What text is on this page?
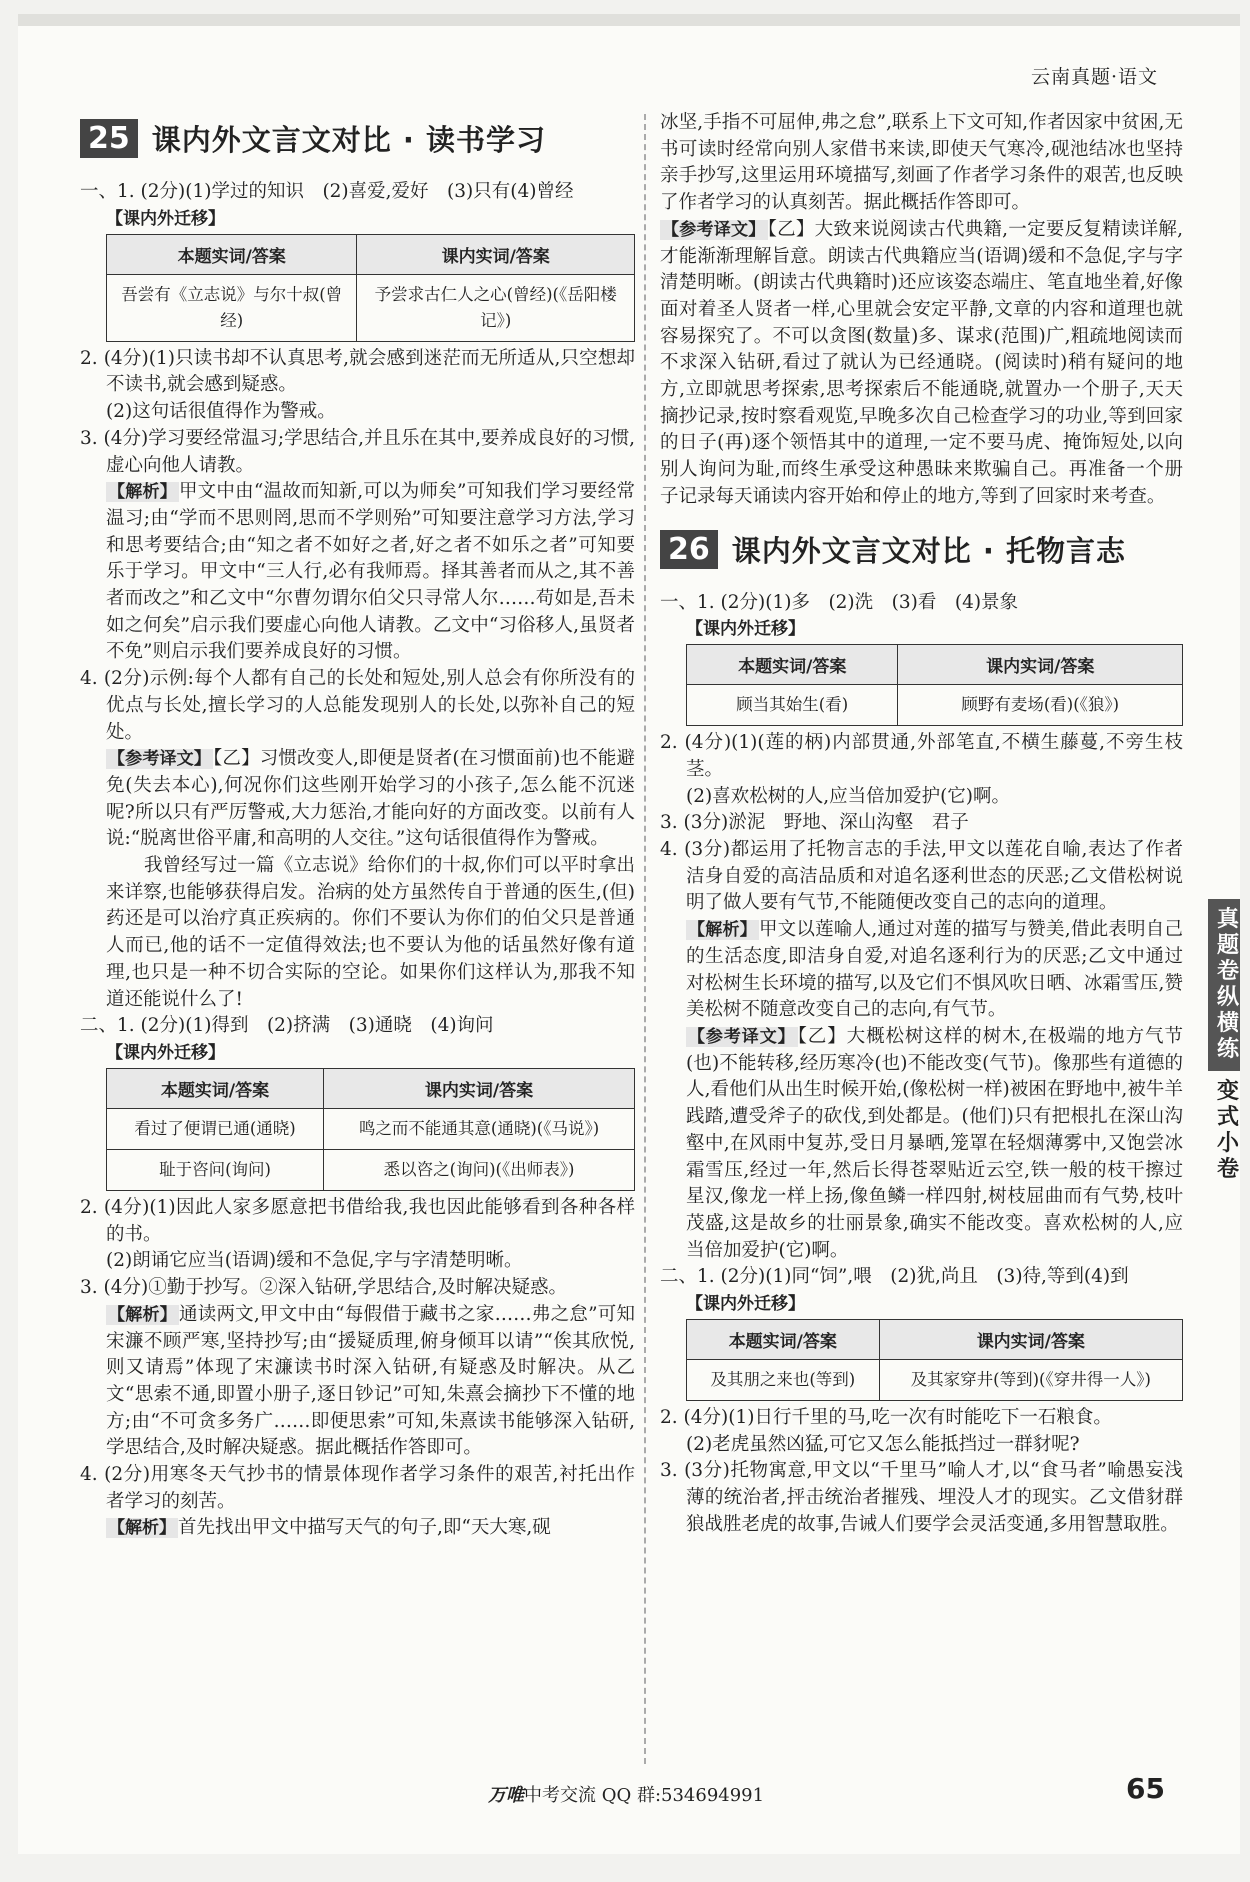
云南真题·语文
25 课内外文言文对比 · 读书学习

一、1. (2分)(1)学过的知识　(2)喜爱,爱好　(3)只有(4)曾经

【课内外迁移】

本题实词/答案	课内实词/答案
吾尝有《立志说》与尔十叔(曾经)	予尝求古仁人之心(曾经)(《岳阳楼记》)

2. (4分)(1)只读书却不认真思考,就会感到迷茫而无所适从,只空想却不读书,就会感到疑惑。

(2)这句话很值得作为警戒。

3. (4分)学习要经常温习;学思结合,并且乐在其中,要养成良好的习惯,虚心向他人请教。

【解析】 甲文中由“温故而知新,可以为师矣”可知我们学习要经常温习;由“学而不思则罔,思而不学则殆”可知要注意学习方法,学习和思考要结合;由“知之者不如好之者,好之者不如乐之者”可知要乐于学习。甲文中“三人行,必有我师焉。择其善者而从之,其不善者而改之”和乙文中“尔曹勿谓尔伯父只寻常人尔……苟如是,吾未如之何矣”启示我们要虚心向他人请教。乙文中“习俗移人,虽贤者不免”则启示我们要养成良好的习惯。

4. (2分)示例:每个人都有自己的长处和短处,别人总会有你所没有的优点与长处,擅长学习的人总能发现别人的长处,以弥补自己的短处。

【参考译文】 【乙】习惯改变人,即便是贤者(在习惯面前)也不能避免(失去本心),何况你们这些刚开始学习的小孩子,怎么能不沉迷呢?所以只有严厉警戒,大力惩治,才能向好的方面改变。以前有人说:“脱离世俗平庸,和高明的人交往。”这句话很值得作为警戒。

我曾经写过一篇《立志说》给你们的十叔,你们可以平时拿出来详察,也能够获得启发。治病的处方虽然传自于普通的医生,(但)药还是可以治疗真正疾病的。你们不要认为你们的伯父只是普通人而已,他的话不一定值得效法;也不要认为他的话虽然好像有道理,也只是一种不切合实际的空论。如果你们这样认为,那我不知道还能说什么了!

二、1. (2分)(1)得到　(2)挤满　(3)通晓　(4)询问

【课内外迁移】

本题实词/答案	课内实词/答案
看过了便谓已通(通晓)	鸣之而不能通其意(通晓)(《马说》)
耻于咨问(询问)	悉以咨之(询问)(《出师表》)

2. (4分)(1)因此人家多愿意把书借给我,我也因此能够看到各种各样的书。

(2)朗诵它应当(语调)缓和不急促,字与字清楚明晰。

3. (4分)①勤于抄写。②深入钻研,学思结合,及时解决疑惑。

【解析】 通读两文,甲文中由“每假借于藏书之家……弗之怠”可知宋濂不顾严寒,坚持抄写;由“援疑质理,俯身倾耳以请”“俟其欣悦,则又请焉”体现了宋濂读书时深入钻研,有疑惑及时解决。从乙文“思索不通,即置小册子,逐日钞记”可知,朱熹会摘抄下不懂的地方;由“不可贪多务广……即便思索”可知,朱熹读书能够深入钻研,学思结合,及时解决疑惑。据此概括作答即可。

4. (2分)用寒冬天气抄书的情景体现作者学习条件的艰苦,衬托出作者学习的刻苦。

【解析】 首先找出甲文中描写天气的句子,即“天大寒,砚

冰坚,手指不可屈伸,弗之怠”,联系上下文可知,作者因家中贫困,无书可读时经常向别人家借书来读,即使天气寒冷,砚池结冰也坚持亲手抄写,这里运用环境描写,刻画了作者学习条件的艰苦,也反映了作者学习的认真刻苦。据此概括作答即可。

【参考译文】 【乙】大致来说阅读古代典籍,一定要反复精读详解,才能渐渐理解旨意。朗读古代典籍应当(语调)缓和不急促,字与字清楚明晰。(朗读古代典籍时)还应该姿态端庄、笔直地坐着,好像面对着圣人贤者一样,心里就会安定平静,文章的内容和道理也就容易探究了。不可以贪图(数量)多、谋求(范围)广,粗疏地阅读而不求深入钻研,看过了就认为已经通晓。(阅读时)稍有疑问的地方,立即就思考探索,思考探索后不能通晓,就置办一个册子,天天摘抄记录,按时察看观览,早晚多次自己检查学习的功业,等到回家的日子(再)逐个领悟其中的道理,一定不要马虎、掩饰短处,以向别人询问为耻,而终生承受这种愚昧来欺骗自己。再准备一个册子记录每天诵读内容开始和停止的地方,等到了回家时来考查。

26 课内外文言文对比 · 托物言志

一、1. (2分)(1)多　(2)洗　(3)看　(4)景象

【课内外迁移】

本题实词/答案	课内实词/答案
顾当其始生(看)	顾野有麦场(看)(《狼》)

2. (4分)(1)(莲的柄)内部贯通,外部笔直,不横生藤蔓,不旁生枝茎。

(2)喜欢松树的人,应当倍加爱护(它)啊。

3. (3分)淤泥　野地、深山沟壑　君子

4. (3分)都运用了托物言志的手法,甲文以莲花自喻,表达了作者洁身自爱的高洁品质和对追名逐利世态的厌恶;乙文借松树说明了做人要有气节,不能随便改变自己的志向的道理。

【解析】 甲文以莲喻人,通过对莲的描写与赞美,借此表明自己的生活态度,即洁身自爱,对追名逐利行为的厌恶;乙文中通过对松树生长环境的描写,以及它们不惧风吹日晒、冰霜雪压,赞美松树不随意改变自己的志向,有气节。

【参考译文】 【乙】大概松树这样的树木,在极端的地方气节(也)不能转移,经历寒冷(也)不能改变(气节)。像那些有道德的人,看他们从出生时候开始,(像松树一样)被困在野地中,被牛羊践踏,遭受斧子的砍伐,到处都是。(他们)只有把根扎在深山沟壑中,在风雨中复苏,受日月暴晒,笼罩在轻烟薄雾中,又饱尝冰霜雪压,经过一年,然后长得苍翠贴近云空,铁一般的枝干擦过星汉,像龙一样上扬,像鱼鳞一样四射,树枝屈曲而有气势,枝叶茂盛,这是故乡的壮丽景象,确实不能改变。喜欢松树的人,应当倍加爱护(它)啊。

二、1. (2分)(1)同“饲”,喂　(2)犹,尚且　(3)待,等到(4)到

【课内外迁移】

本题实词/答案	课内实词/答案
及其朋之来也(等到)	及其家穿井(等到)(《穿井得一人》)

2. (4分)(1)日行千里的马,吃一次有时能吃下一石粮食。

(2)老虎虽然凶猛,可它又怎么能抵挡过一群豺呢?

3. (3分)托物寓意,甲文以“千里马”喻人才,以“食马者”喻愚妄浅薄的统治者,抨击统治者摧残、埋没人才的现实。乙文借豺群狼战胜老虎的故事,告诫人们要学会灵活变通,多用智慧取胜。

真题卷纵横练
变式小卷
万唯中考交流 QQ 群:534694991	65
